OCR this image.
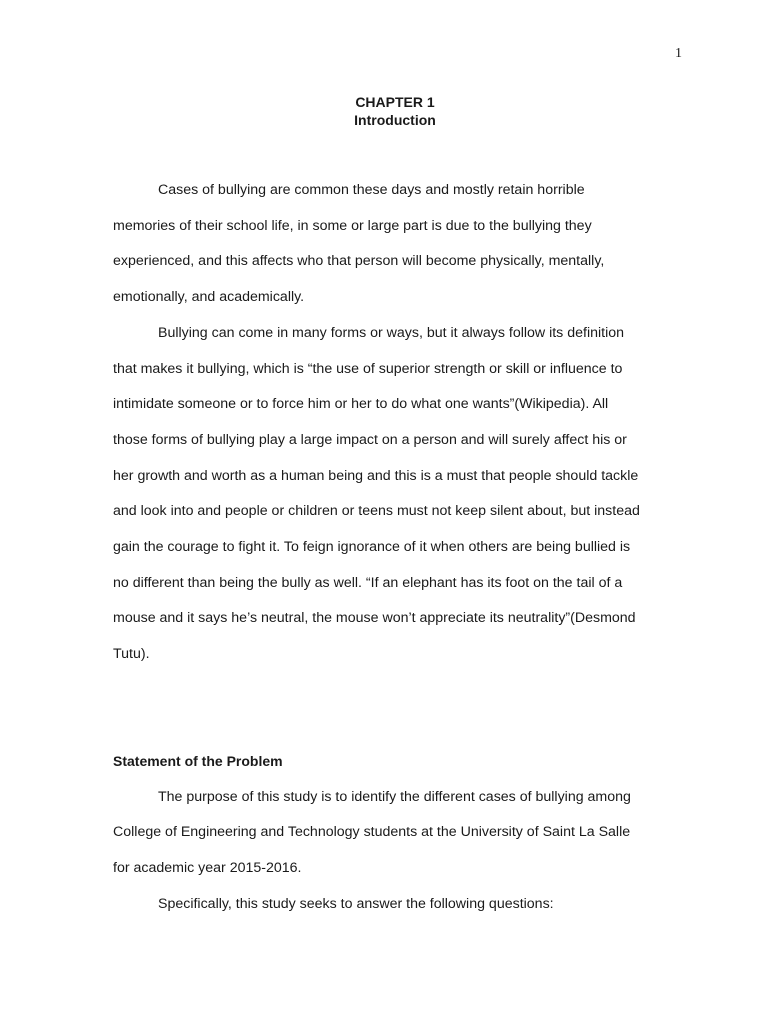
1
CHAPTER 1
Introduction

Cases of bullying are common these days and mostly retain horrible
memories of their school life, in some or large part is due to the bullying they
experienced, and this affects who that person will become physically, mentally,
emotionally, and academically.

Bullying can come in many forms or ways, but it always follow its definition
that makes it bullying, which is “the use of superior strength or skill or influence to
intimidate someone or to force him or her to do what one wants”(Wikipedia). All
those forms of bullying play a large impact on a person and will surely affect his or
her growth and worth as a human being and this is a must that people should tackle
and look into and people or children or teens must not keep silent about, but instead
gain the courage to fight it. To feign ignorance of it when others are being bullied is
no different than being the bully as well. “If an elephant has its foot on the tail of a
mouse and it says he’s neutral, the mouse won’t appreciate its neutrality”(Desmond
Tutu).

Statement of the Problem

The purpose of this study is to identify the different cases of bullying among
College of Engineering and Technology students at the University of Saint La Salle
for academic year 2015-2016.

Specifically, this study seeks to answer the following questions:
